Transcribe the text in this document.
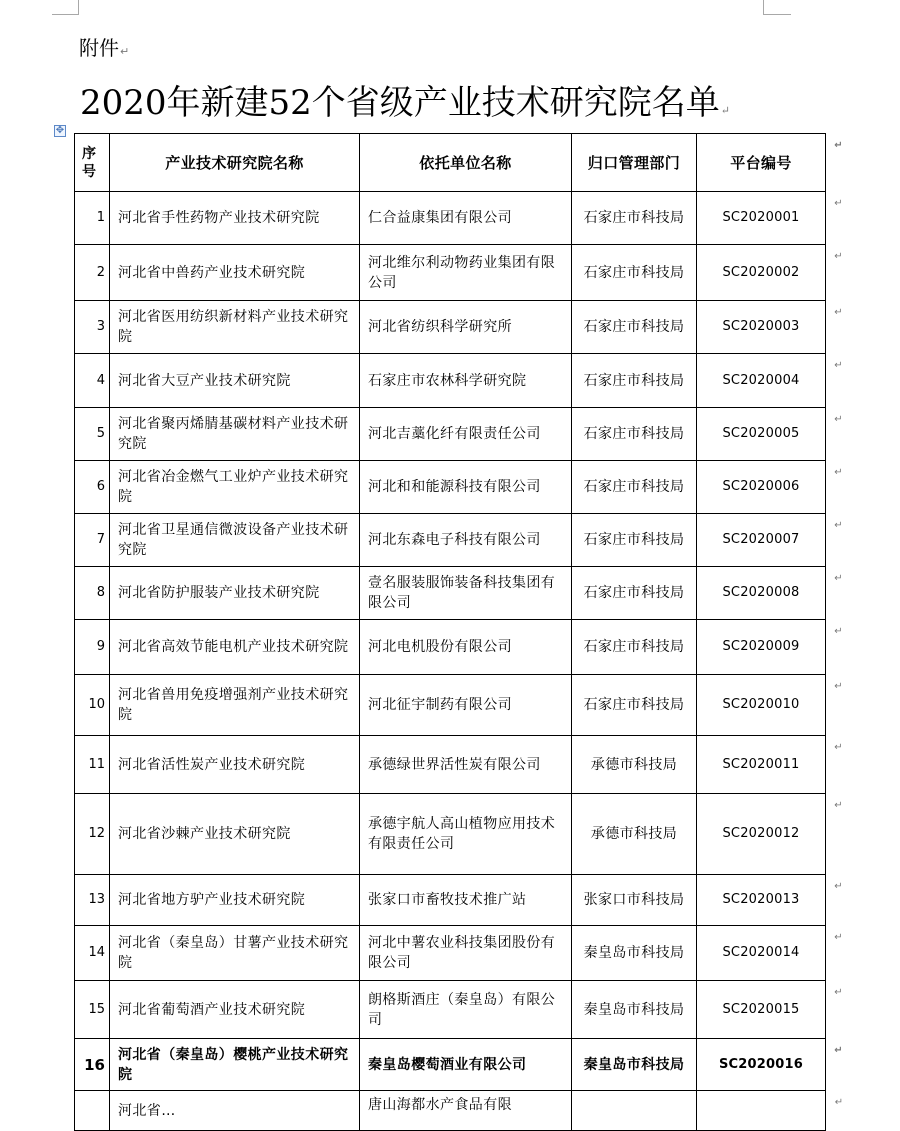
附件↵
2020年新建52个省级产业技术研究院名单↵
✥
序号	产业技术研究院名称	依托单位名称	归口管理部门	平台编号	↵

1	河北省手性药物产业技术研究院	仁合益康集团有限公司	石家庄市科技局	SC2020001	↵

2	河北省中兽药产业技术研究院	河北维尔利动物药业集团有限公司	石家庄市科技局	SC2020002	↵

3	河北省医用纺织新材料产业技术研究院	河北省纺织科学研究所	石家庄市科技局	SC2020003	↵

4	河北省大豆产业技术研究院	石家庄市农林科学研究院	石家庄市科技局	SC2020004	↵

5	河北省聚丙烯腈基碳材料产业技术研究院	河北吉藁化纤有限责任公司	石家庄市科技局	SC2020005	↵

6	河北省冶金燃气工业炉产业技术研究院	河北和和能源科技有限公司	石家庄市科技局	SC2020006	↵

7	河北省卫星通信微波设备产业技术研究院	河北东森电子科技有限公司	石家庄市科技局	SC2020007	↵

8	河北省防护服装产业技术研究院	壹名服装服饰装备科技集团有限公司	石家庄市科技局	SC2020008	↵

9	河北省高效节能电机产业技术研究院	河北电机股份有限公司	石家庄市科技局	SC2020009	↵

10	河北省兽用免疫增强剂产业技术研究院	河北征宇制药有限公司	石家庄市科技局	SC2020010	↵

11	河北省活性炭产业技术研究院	承德绿世界活性炭有限公司	承德市科技局	SC2020011	↵

12	河北省沙棘产业技术研究院	承德宇航人高山植物应用技术有限责任公司	承德市科技局	SC2020012	↵

13	河北省地方驴产业技术研究院	张家口市畜牧技术推广站	张家口市科技局	SC2020013	↵

14	河北省（秦皇岛）甘薯产业技术研究院	河北中薯农业科技集团股份有限公司	秦皇岛市科技局	SC2020014	↵

15	河北省葡萄酒产业技术研究院	朗格斯酒庄（秦皇岛）有限公司	秦皇岛市科技局	SC2020015	↵

16	河北省（秦皇岛）樱桃产业技术研究院	秦皇岛樱萄酒业有限公司	秦皇岛市科技局	SC2020016	↵

	河北省…	唐山海都水产食品有限			↵
